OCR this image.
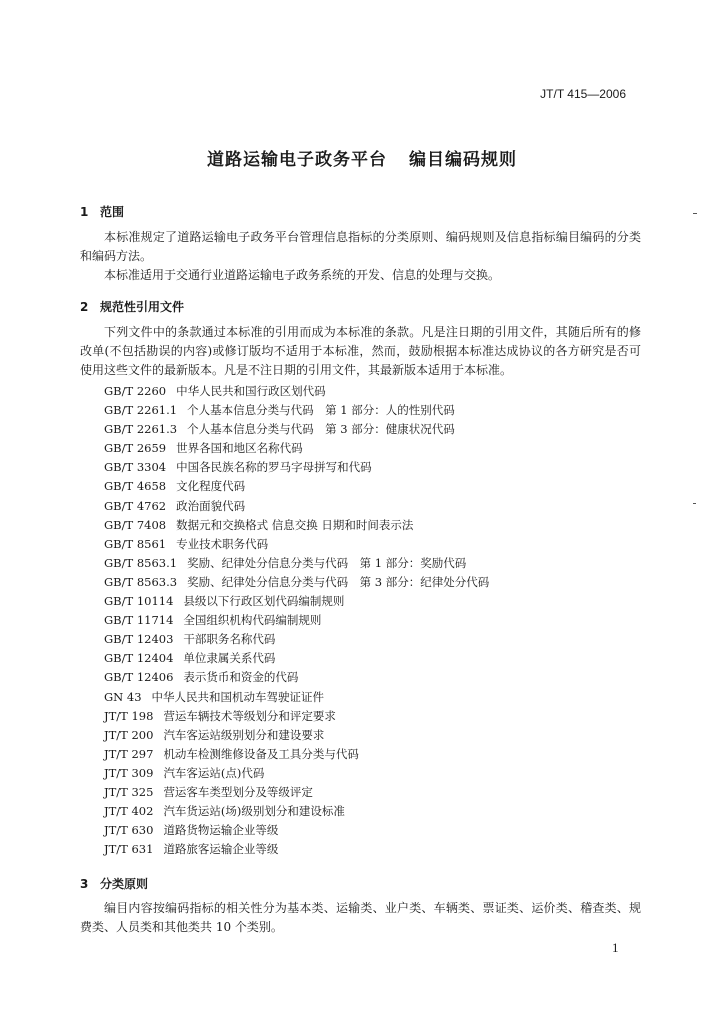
JT/T 415—2006
道路运输电子政务平台 编目编码规则
1 范围
本标准规定了道路运输电子政务平台管理信息指标的分类原则、编码规则及信息指标编目编码的分类和编码方法。
本标准适用于交通行业道路运输电子政务系统的开发、信息的处理与交换。
2 规范性引用文件
下列文件中的条款通过本标准的引用而成为本标准的条款。凡是注日期的引用文件，其随后所有的修改单(不包括勘误的内容)或修订版均不适用于本标准，然而，鼓励根据本标准达成协议的各方研究是否可使用这些文件的最新版本。凡是不注日期的引用文件，其最新版本适用于本标准。
GB/T 2260 中华人民共和国行政区划代码
GB/T 2261.1 个人基本信息分类与代码　第 1 部分：人的性别代码
GB/T 2261.3 个人基本信息分类与代码　第 3 部分：健康状况代码
GB/T 2659 世界各国和地区名称代码
GB/T 3304 中国各民族名称的罗马字母拼写和代码
GB/T 4658 文化程度代码
GB/T 4762 政治面貌代码
GB/T 7408 数据元和交换格式 信息交换 日期和时间表示法
GB/T 8561 专业技术职务代码
GB/T 8563.1 奖励、纪律处分信息分类与代码　第 1 部分：奖励代码
GB/T 8563.3 奖励、纪律处分信息分类与代码　第 3 部分：纪律处分代码
GB/T 10114 县级以下行政区划代码编制规则
GB/T 11714 全国组织机构代码编制规则
GB/T 12403 干部职务名称代码
GB/T 12404 单位隶属关系代码
GB/T 12406 表示货币和资金的代码
GN 43 中华人民共和国机动车驾驶证证件
JT/T 198 营运车辆技术等级划分和评定要求
JT/T 200 汽车客运站级别划分和建设要求
JT/T 297 机动车检测维修设备及工具分类与代码
JT/T 309 汽车客运站(点)代码
JT/T 325 营运客车类型划分及等级评定
JT/T 402 汽车货运站(场)级别划分和建设标准
JT/T 630 道路货物运输企业等级
JT/T 631 道路旅客运输企业等级
3 分类原则
编目内容按编码指标的相关性分为基本类、运输类、业户类、车辆类、票证类、运价类、稽查类、规费类、人员类和其他类共 10 个类别。
1
